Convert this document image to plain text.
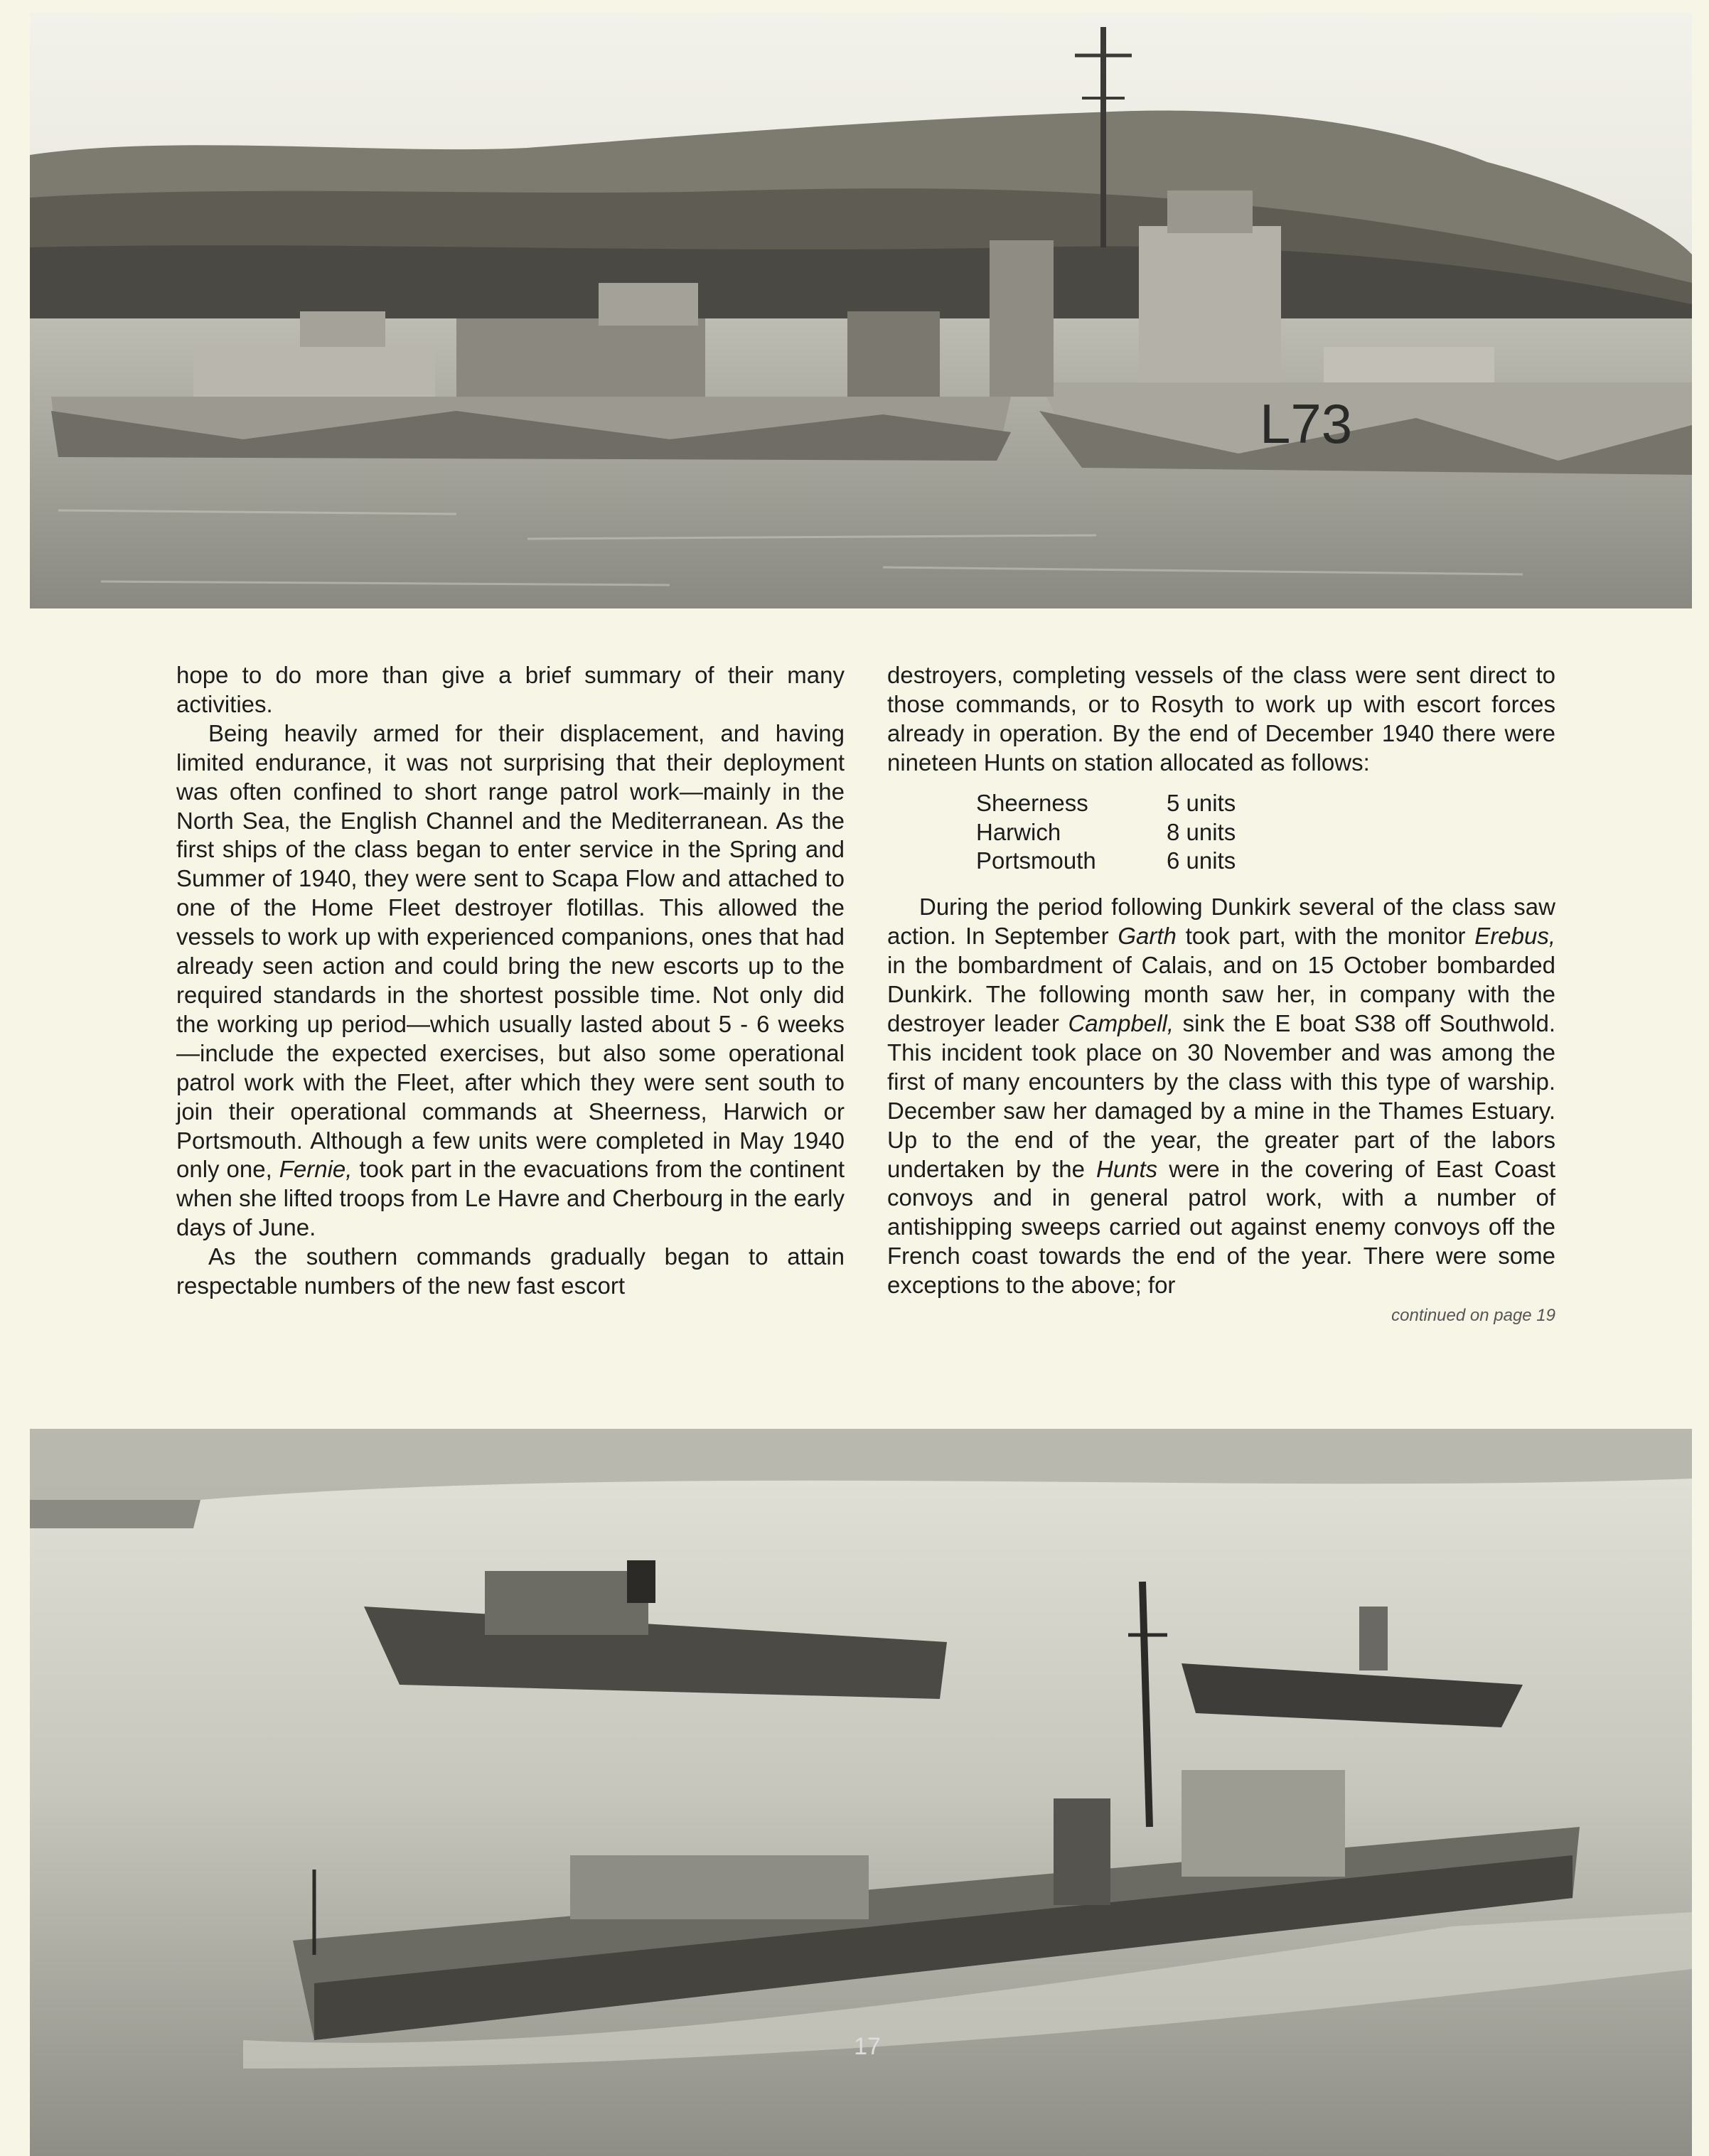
L73

hope to do more than give a brief summary of their many activities.

Being heavily armed for their displacement, and having limited endurance, it was not surprising that their deployment was often confined to short range patrol work—mainly in the North Sea, the English Channel and the Mediterranean. As the first ships of the class began to enter service in the Spring and Summer of 1940, they were sent to Scapa Flow and attached to one of the Home Fleet destroyer flotillas. This allowed the vessels to work up with experienced companions, ones that had already seen action and could bring the new escorts up to the required standards in the shortest possible time. Not only did the working up period—which usually lasted about 5 - 6 weeks—include the expected exercises, but also some operational patrol work with the Fleet, after which they were sent south to join their operational commands at Sheerness, Harwich or Portsmouth. Although a few units were completed in May 1940 only one, Fernie, took part in the evacuations from the continent when she lifted troops from Le Havre and Cherbourg in the early days of June.

As the southern commands gradually began to attain respectable numbers of the new fast escort

destroyers, completing vessels of the class were sent direct to those commands, or to Rosyth to work up with escort forces already in operation. By the end of December 1940 there were nineteen Hunts on station allocated as follows:

Sheerness	5 units
Harwich	8 units
Portsmouth	6 units

During the period following Dunkirk several of the class saw action. In September Garth took part, with the monitor Erebus, in the bombardment of Calais, and on 15 October bombarded Dunkirk. The following month saw her, in company with the destroyer leader Campbell, sink the E boat S38 off Southwold. This incident took place on 30 November and was among the first of many encounters by the class with this type of warship. December saw her damaged by a mine in the Thames Estuary. Up to the end of the year, the greater part of the labors undertaken by the Hunts were in the covering of East Coast convoys and in general patrol work, with a number of antishipping sweeps carried out against enemy convoys off the French coast towards the end of the year. There were some exceptions to the above; for

continued on page 19
17
